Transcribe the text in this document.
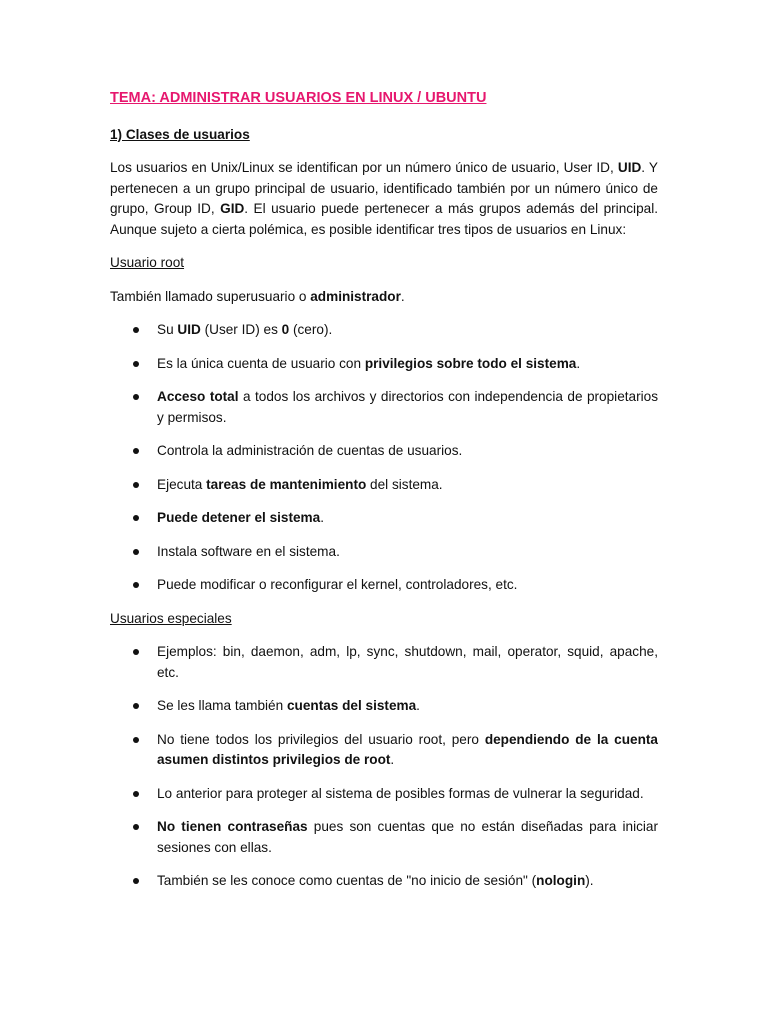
TEMA: ADMINISTRAR USUARIOS EN LINUX / UBUNTU
1) Clases de usuarios

Los usuarios en Unix/Linux se identifican por un número único de usuario, User ID, UID. Y pertenecen a un grupo principal de usuario, identificado también por un número único de grupo, Group ID, GID. El usuario puede pertenecer a más grupos además del principal. Aunque sujeto a cierta polémica, es posible identificar tres tipos de usuarios en Linux:

Usuario root

También llamado superusuario o administrador.

Su UID (User ID) es 0 (cero).
Es la única cuenta de usuario con privilegios sobre todo el sistema.
Acceso total a todos los archivos y directorios con independencia de propietarios y permisos.
Controla la administración de cuentas de usuarios.
Ejecuta tareas de mantenimiento del sistema.
Puede detener el sistema.
Instala software en el sistema.
Puede modificar o reconfigurar el kernel, controladores, etc.
Usuarios especiales
Ejemplos: bin, daemon, adm, lp, sync, shutdown, mail, operator, squid, apache, etc.
Se les llama también cuentas del sistema.
No tiene todos los privilegios del usuario root, pero dependiendo de la cuenta asumen distintos privilegios de root.
Lo anterior para proteger al sistema de posibles formas de vulnerar la seguridad.
No tienen contraseñas pues son cuentas que no están diseñadas para iniciar sesiones con ellas.
También se les conoce como cuentas de "no inicio de sesión" (nologin).
